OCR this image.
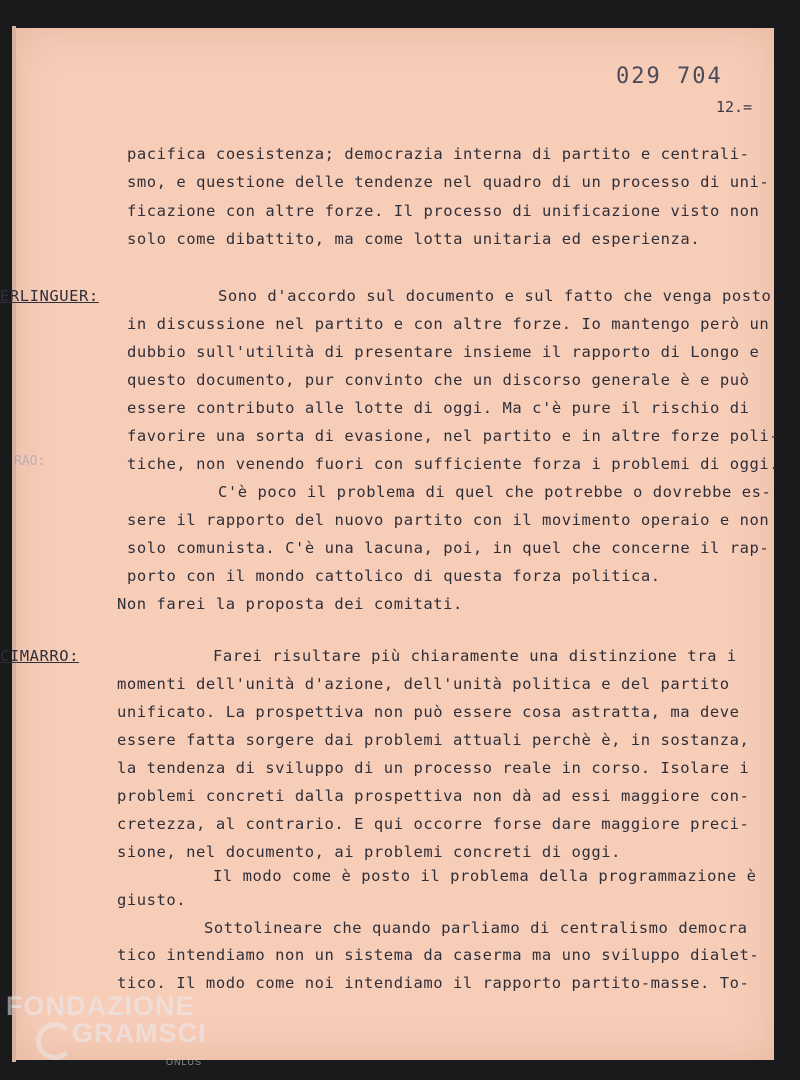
029 704
12.=
pacifica coesistenza; democrazia interna di partito e centrali-
smo, e questione delle tendenze nel quadro di un processo di uni-
ficazione con altre forze. Il processo di unificazione visto non
solo come dibattito, ma come lotta unitaria ed esperienza.
ERLINGUER:	Sono d'accordo sul documento e sul fatto che venga posto
in discussione nel partito e con altre forze. Io mantengo però un
dubbio sull'utilità di presentare insieme il rapporto di Longo e
questo documento, pur convinto che un discorso generale è e può
essere contributo alle lotte di oggi. Ma c'è pure il rischio di
favorire una sorta di evasione, nel partito e in altre forze poli-
tiche, non venendo fuori con sufficiente forza i problemi di oggi.
C'è poco il problema di quel che potrebbe o dovrebbe es-
sere il rapporto del nuovo partito con il movimento operaio e non
solo comunista. C'è una lacuna, poi, in quel che concerne il rap-
porto con il mondo cattolico di questa forza politica.
Non farei la proposta dei comitati.
RAO:
CIMARRO:	Farei risultare più chiaramente una distinzione tra i
momenti dell'unità d'azione, dell'unità politica e del partito
unificato. La prospettiva non può essere cosa astratta, ma deve
essere fatta sorgere dai problemi attuali perchè è, in sostanza,
la tendenza di sviluppo di un processo reale in corso. Isolare i
problemi concreti dalla prospettiva non dà ad essi maggiore con-
cretezza, al contrario. E qui occorre forse dare maggiore preci-
sione, nel documento, ai problemi concreti di oggi.
Il modo come è posto il problema della programmazione è
giusto.
Sottolineare che quando parliamo di centralismo democra
tico intendiamo non un sistema da caserma ma uno sviluppo dialet-
tico. Il modo come noi intendiamo il rapporto partito-masse. To-
FONDAZIONE
GRAMSCI
ONLUS
